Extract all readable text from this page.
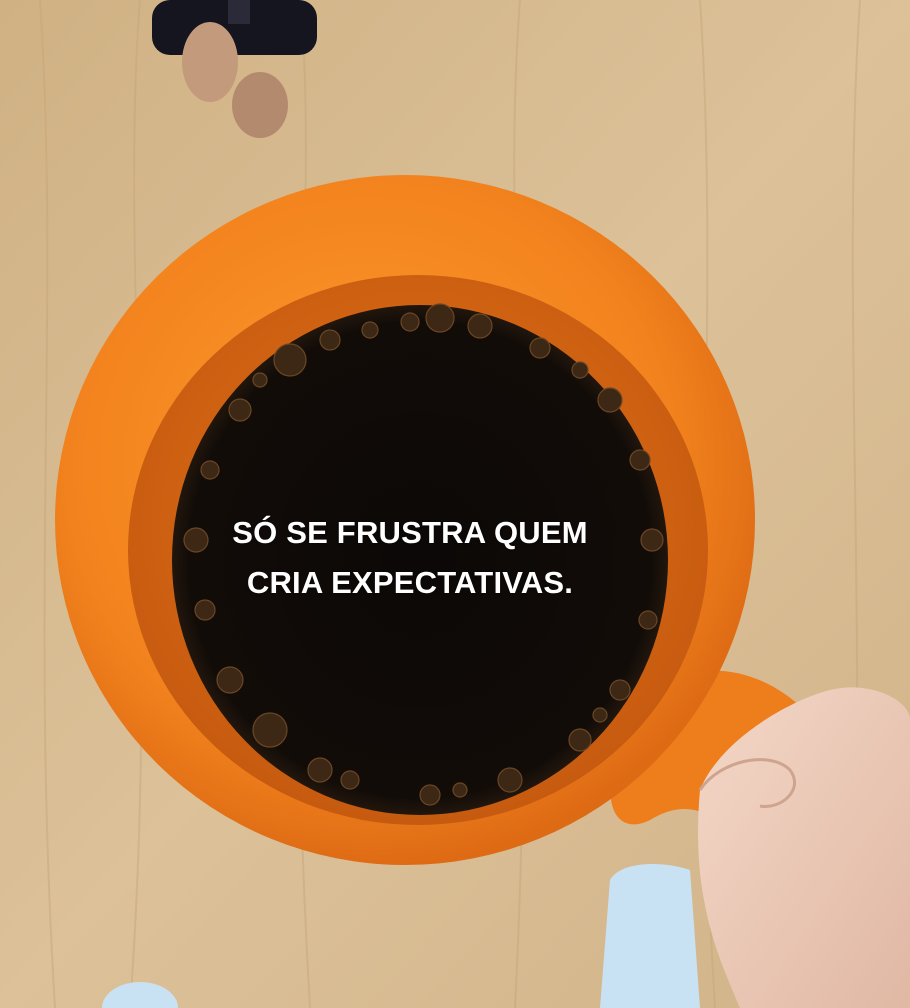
SÓ SE FRUSTRA QUEM
CRIA EXPECTATIVAS.
